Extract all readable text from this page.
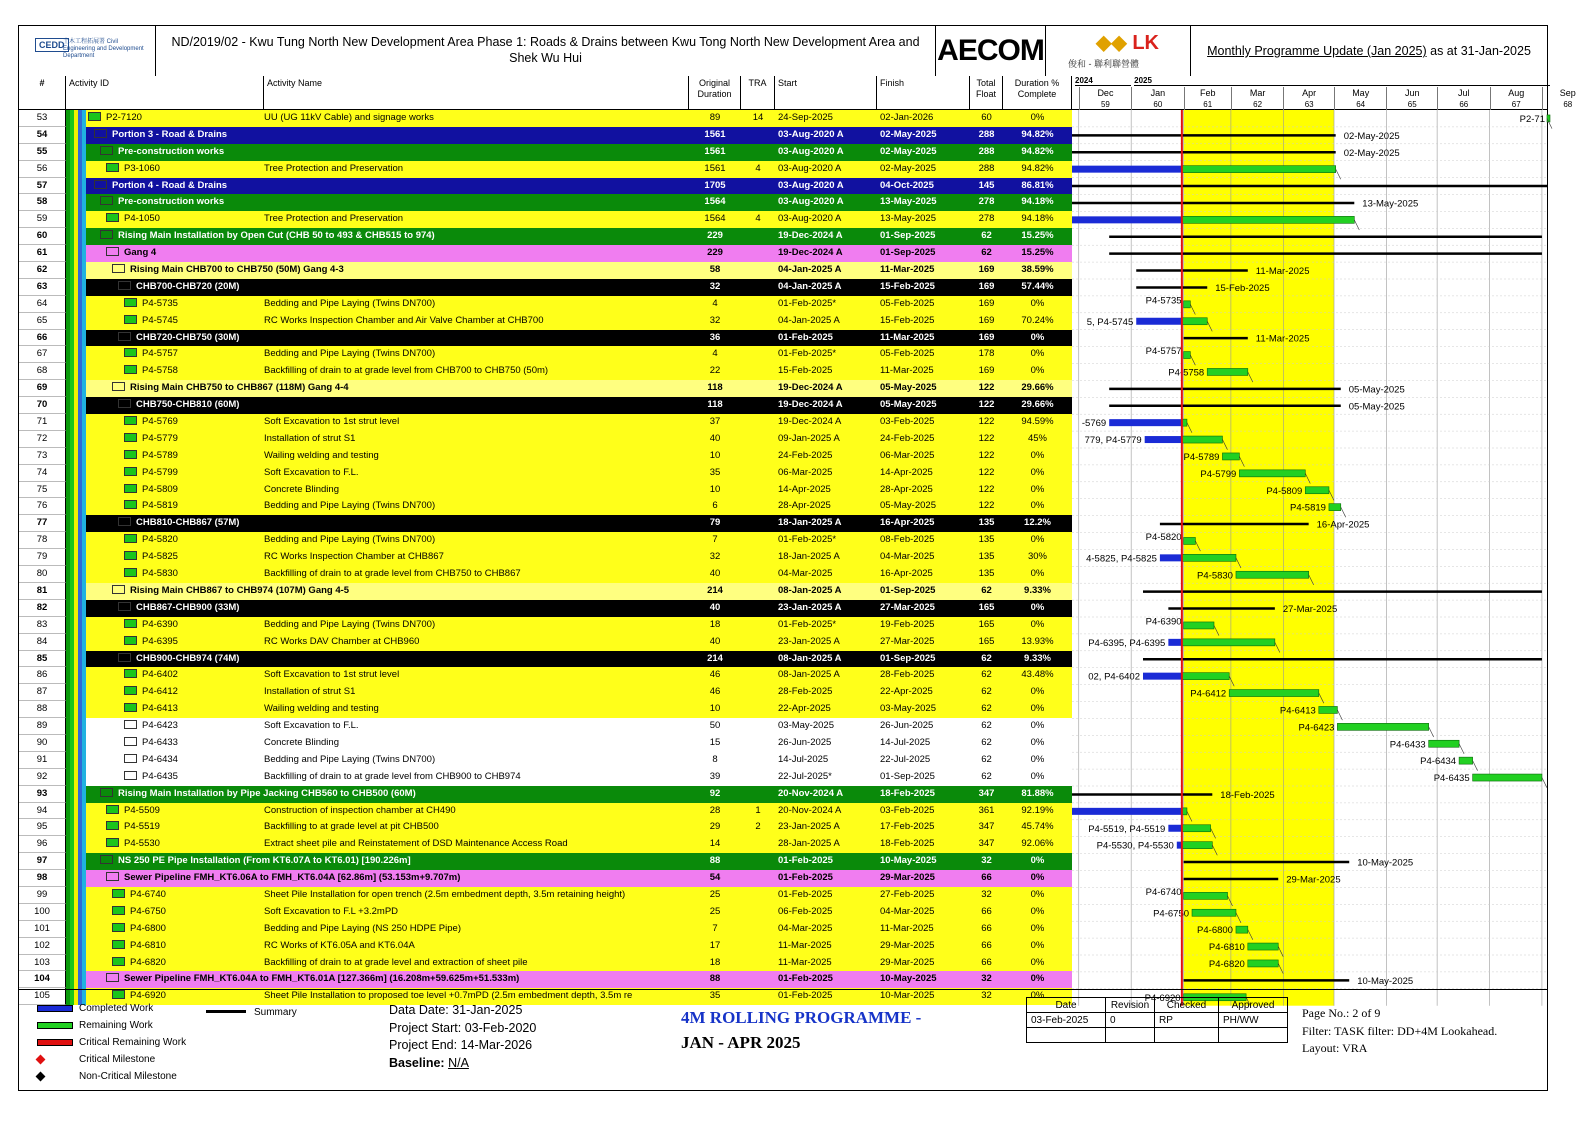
CEDD
土木工程拓展署 Civil Engineering and Development Department
ND/2019/02 - Kwu Tung North New Development Area Phase 1: Roads & Drains between Kwu Tong North New Development Area and Shek Wu Hui	AECOM	◆◆ LK
俊和 - 聯利聯營體
Monthly Programme Update (Jan 2025) as at 31-Jan-2025
#	Activity ID	Activity Name	Original Duration
TRA	Start	Finish	Total Float
Duration % Complete
2024	2025
Dec
59
Jan
60
Feb
61
Mar
62
Apr
63
May
64
Jun
65
Jul
66
Aug
67
Sep
68
53	P2-7120	UU (UG 11kV Cable) and signage works	89	14	24-Sep-2025	02-Jan-2026	60	0%
54	Portion 3 - Road & Drains	1561	03-Aug-2020 A	02-May-2025	288	94.82%
55	Pre-construction works	1561	03-Aug-2020 A	02-May-2025	288	94.82%
56	P3-1060	Tree Protection and Preservation	1561	4	03-Aug-2020 A	02-May-2025	288	94.82%
57	Portion 4 - Road & Drains	1705	03-Aug-2020 A	04-Oct-2025	145	86.81%
58	Pre-construction works	1564	03-Aug-2020 A	13-May-2025	278	94.18%
59	P4-1050	Tree Protection and Preservation	1564	4	03-Aug-2020 A	13-May-2025	278	94.18%
60	Rising Main Installation by Open Cut (CHB 50 to 493 & CHB515 to 974)	229	19-Dec-2024 A	01-Sep-2025	62	15.25%
61	Gang 4	229	19-Dec-2024 A	01-Sep-2025	62	15.25%
62	Rising Main CHB700 to CHB750 (50M) Gang 4-3	58	04-Jan-2025 A	11-Mar-2025	169	38.59%
63	CHB700-CHB720 (20M)	32	04-Jan-2025 A	15-Feb-2025	169	57.44%
64	P4-5735	Bedding and Pipe Laying (Twins DN700)	4	01-Feb-2025*	05-Feb-2025	169	0%
65	P4-5745	RC Works Inspection Chamber and Air Valve Chamber at CHB700	32	04-Jan-2025 A	15-Feb-2025	169	70.24%
66	CHB720-CHB750 (30M)	36	01-Feb-2025	11-Mar-2025	169	0%
67	P4-5757	Bedding and Pipe Laying (Twins DN700)	4	01-Feb-2025*	05-Feb-2025	178	0%
68	P4-5758	Backfilling of drain to at grade level from CHB700 to CHB750 (50m)	22	15-Feb-2025	11-Mar-2025	169	0%
69	Rising Main CHB750 to CHB867 (118M) Gang 4-4	118	19-Dec-2024 A	05-May-2025	122	29.66%
70	CHB750-CHB810 (60M)	118	19-Dec-2024 A	05-May-2025	122	29.66%
71	P4-5769	Soft Excavation to 1st strut level	37	19-Dec-2024 A	03-Feb-2025	122	94.59%
72	P4-5779	Installation of strut S1	40	09-Jan-2025 A	24-Feb-2025	122	45%
73	P4-5789	Wailing welding and testing	10	24-Feb-2025	06-Mar-2025	122	0%
74	P4-5799	Soft Excavation to F.L.	35	06-Mar-2025	14-Apr-2025	122	0%
75	P4-5809	Concrete Blinding	10	14-Apr-2025	28-Apr-2025	122	0%
76	P4-5819	Bedding and Pipe Laying (Twins DN700)	6	28-Apr-2025	05-May-2025	122	0%
77	CHB810-CHB867 (57M)	79	18-Jan-2025 A	16-Apr-2025	135	12.2%
78	P4-5820	Bedding and Pipe Laying (Twins DN700)	7	01-Feb-2025*	08-Feb-2025	135	0%
79	P4-5825	RC Works Inspection Chamber at CHB867	32	18-Jan-2025 A	04-Mar-2025	135	30%
80	P4-5830	Backfilling of drain to at grade level from CHB750 to CHB867	40	04-Mar-2025	16-Apr-2025	135	0%
81	Rising Main CHB867 to CHB974 (107M) Gang 4-5	214	08-Jan-2025 A	01-Sep-2025	62	9.33%
82	CHB867-CHB900 (33M)	40	23-Jan-2025 A	27-Mar-2025	165	0%
83	P4-6390	Bedding and Pipe Laying (Twins DN700)	18	01-Feb-2025*	19-Feb-2025	165	0%
84	P4-6395	RC Works DAV Chamber at CHB960	40	23-Jan-2025 A	27-Mar-2025	165	13.93%
85	CHB900-CHB974 (74M)	214	08-Jan-2025 A	01-Sep-2025	62	9.33%
86	P4-6402	Soft Excavation to 1st strut level	46	08-Jan-2025 A	28-Feb-2025	62	43.48%
87	P4-6412	Installation of strut S1	46	28-Feb-2025	22-Apr-2025	62	0%
88	P4-6413	Wailing welding and testing	10	22-Apr-2025	03-May-2025	62	0%
89	P4-6423	Soft Excavation to F.L.	50	03-May-2025	26-Jun-2025	62	0%
90	P4-6433	Concrete Blinding	15	26-Jun-2025	14-Jul-2025	62	0%
91	P4-6434	Bedding and Pipe Laying (Twins DN700)	8	14-Jul-2025	22-Jul-2025	62	0%
92	P4-6435	Backfilling of drain to at grade level from CHB900 to CHB974	39	22-Jul-2025*	01-Sep-2025	62	0%
93	Rising Main Installation by Pipe Jacking CHB560 to CHB500 (60M)	92	20-Nov-2024 A	18-Feb-2025	347	81.88%
94	P4-5509	Construction of inspection chamber at CH490	28	1	20-Nov-2024 A	03-Feb-2025	361	92.19%
95	P4-5519	Backfilling to at grade level at pit CHB500	29	2	23-Jan-2025 A	17-Feb-2025	347	45.74%
96	P4-5530	Extract sheet pile and Reinstatement of DSD Maintenance Access Road	14	28-Jan-2025 A	18-Feb-2025	347	92.06%
97	NS 250 PE Pipe Installation (From KT6.07A to KT6.01) [190.226m]	88	01-Feb-2025	10-May-2025	32	0%
98	Sewer Pipeline FMH_KT6.06A to FMH_KT6.04A [62.86m] (53.153m+9.707m)	54	01-Feb-2025	29-Mar-2025	66	0%
99	P4-6740	Sheet Pile Installation for open trench (2.5m embedment depth, 3.5m retaining height)	25	01-Feb-2025	27-Feb-2025	32	0%
100	P4-6750	Soft Excavation to F.L +3.2mPD	25	06-Feb-2025	04-Mar-2025	66	0%
101	P4-6800	Bedding and Pipe Laying (NS 250 HDPE Pipe)	7	04-Mar-2025	11-Mar-2025	66	0%
102	P4-6810	RC Works of KT6.05A and KT6.04A	17	11-Mar-2025	29-Mar-2025	66	0%
103	P4-6820	Backfilling of drain to at grade level and extraction of sheet pile	18	11-Mar-2025	29-Mar-2025	66	0%
104	Sewer Pipeline FMH_KT6.04A to FMH_KT6.01A [127.366m] (16.208m+59.625m+51.533m)	88	01-Feb-2025	10-May-2025	32	0%
105	P4-6920	Sheet Pile Installation to proposed toe level +0.7mPD (2.5m embedment depth, 3.5m re	35	01-Feb-2025	10-Mar-2025	32	0%
P2-71
02-May-2025
02-May-2025
13-May-2025
11-Mar-2025
15-Feb-2025
P4-5735
5, P4-5745
11-Mar-2025
P4-5757
P4-5758
05-May-2025
05-May-2025
-5769
779, P4-5779
P4-5789
P4-5799
P4-5809
P4-5819
16-Apr-2025
P4-5820
4-5825, P4-5825
P4-5830
27-Mar-2025
P4-6390
P4-6395, P4-6395
02, P4-6402
P4-6412
P4-6413
P4-6423
P4-6433
P4-6434
P4-6435
18-Feb-2025
P4-5519, P4-5519
P4-5530, P4-5530
10-May-2025
29-Mar-2025
P4-6740
P4-6750
P4-6800
P4-6810
P4-6820
10-May-2025
P4-6920
Completed Work
Remaining Work
Critical Remaining Work
Critical Milestone
Non-Critical Milestone
Summary	Data Date: 31-Jan-2025
Project Start: 03-Feb-2020
Project End: 14-Mar-2026
Baseline: N/A
4M ROLLING PROGRAMME -
JAN - APR 2025
Date	Revision	Checked	Approved
03-Feb-2025	0	RP	PH/WW
				Page No.: 2 of 9
Filter: TASK filter: DD+4M Lookahead.
Layout: VRA
